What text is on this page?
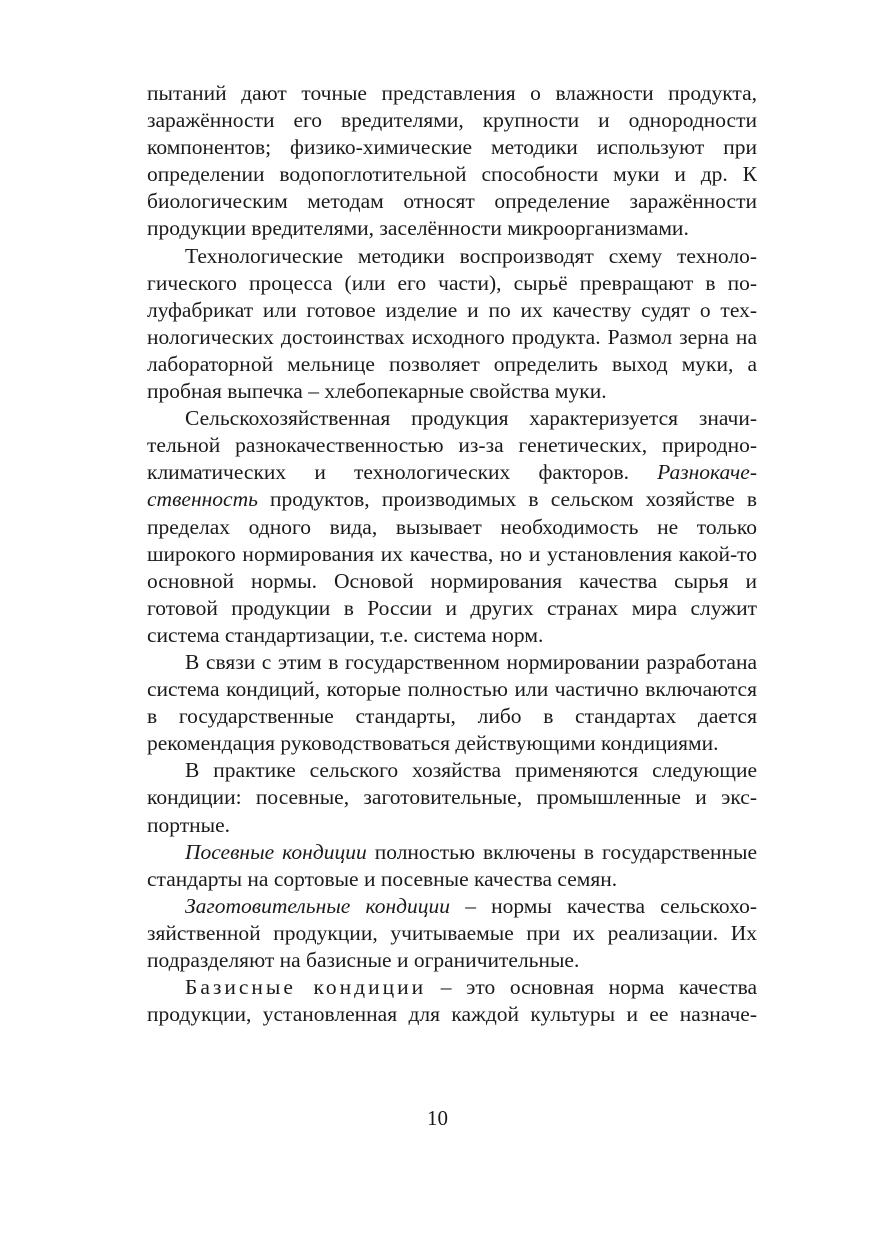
пытаний дают точные представления о влажности продукта, заражённости его вредителями, крупности и однородности компонентов; физико-химические методики используют при определении водопоглотительной способности муки и др. К биологическим методам относят определение заражённости продукции вредителями, заселённости микроорганизмами.

Технологические методики воспроизводят схему технологического процесса (или его части), сырьё превращают в полуфабрикат или готовое изделие и по их качеству судят о технологических достоинствах исходного продукта. Размол зерна на лабораторной мельнице позволяет определить выход муки, а пробная выпечка – хлебопекарные свойства муки.

Сельскохозяйственная продукция характеризуется значительной разнокачественностью из-за генетических, природно-климатических и технологических факторов. Разнокачественность продуктов, производимых в сельском хозяйстве в пределах одного вида, вызывает необходимость не только широкого нормирования их качества, но и установления какой-то основной нормы. Основой нормирования качества сырья и готовой продукции в России и других странах мира служит система стандартизации, т.е. система норм.

В связи с этим в государственном нормировании разработана система кондиций, которые полностью или частично включаются в государственные стандарты, либо в стандартах дается рекомендация руководствоваться действующими кондициями.

В практике сельского хозяйства применяются следующие кондиции: посевные, заготовительные, промышленные и экспортные.

Посевные кондиции полностью включены в государственные стандарты на сортовые и посевные качества семян.

Заготовительные кондиции – нормы качества сельскохозяйственной продукции, учитываемые при их реализации. Их подразделяют на базисные и ограничительные.

Базисные кондиции – это основная норма качества продукции, установленная для каждой культуры и ее назначе-

10
